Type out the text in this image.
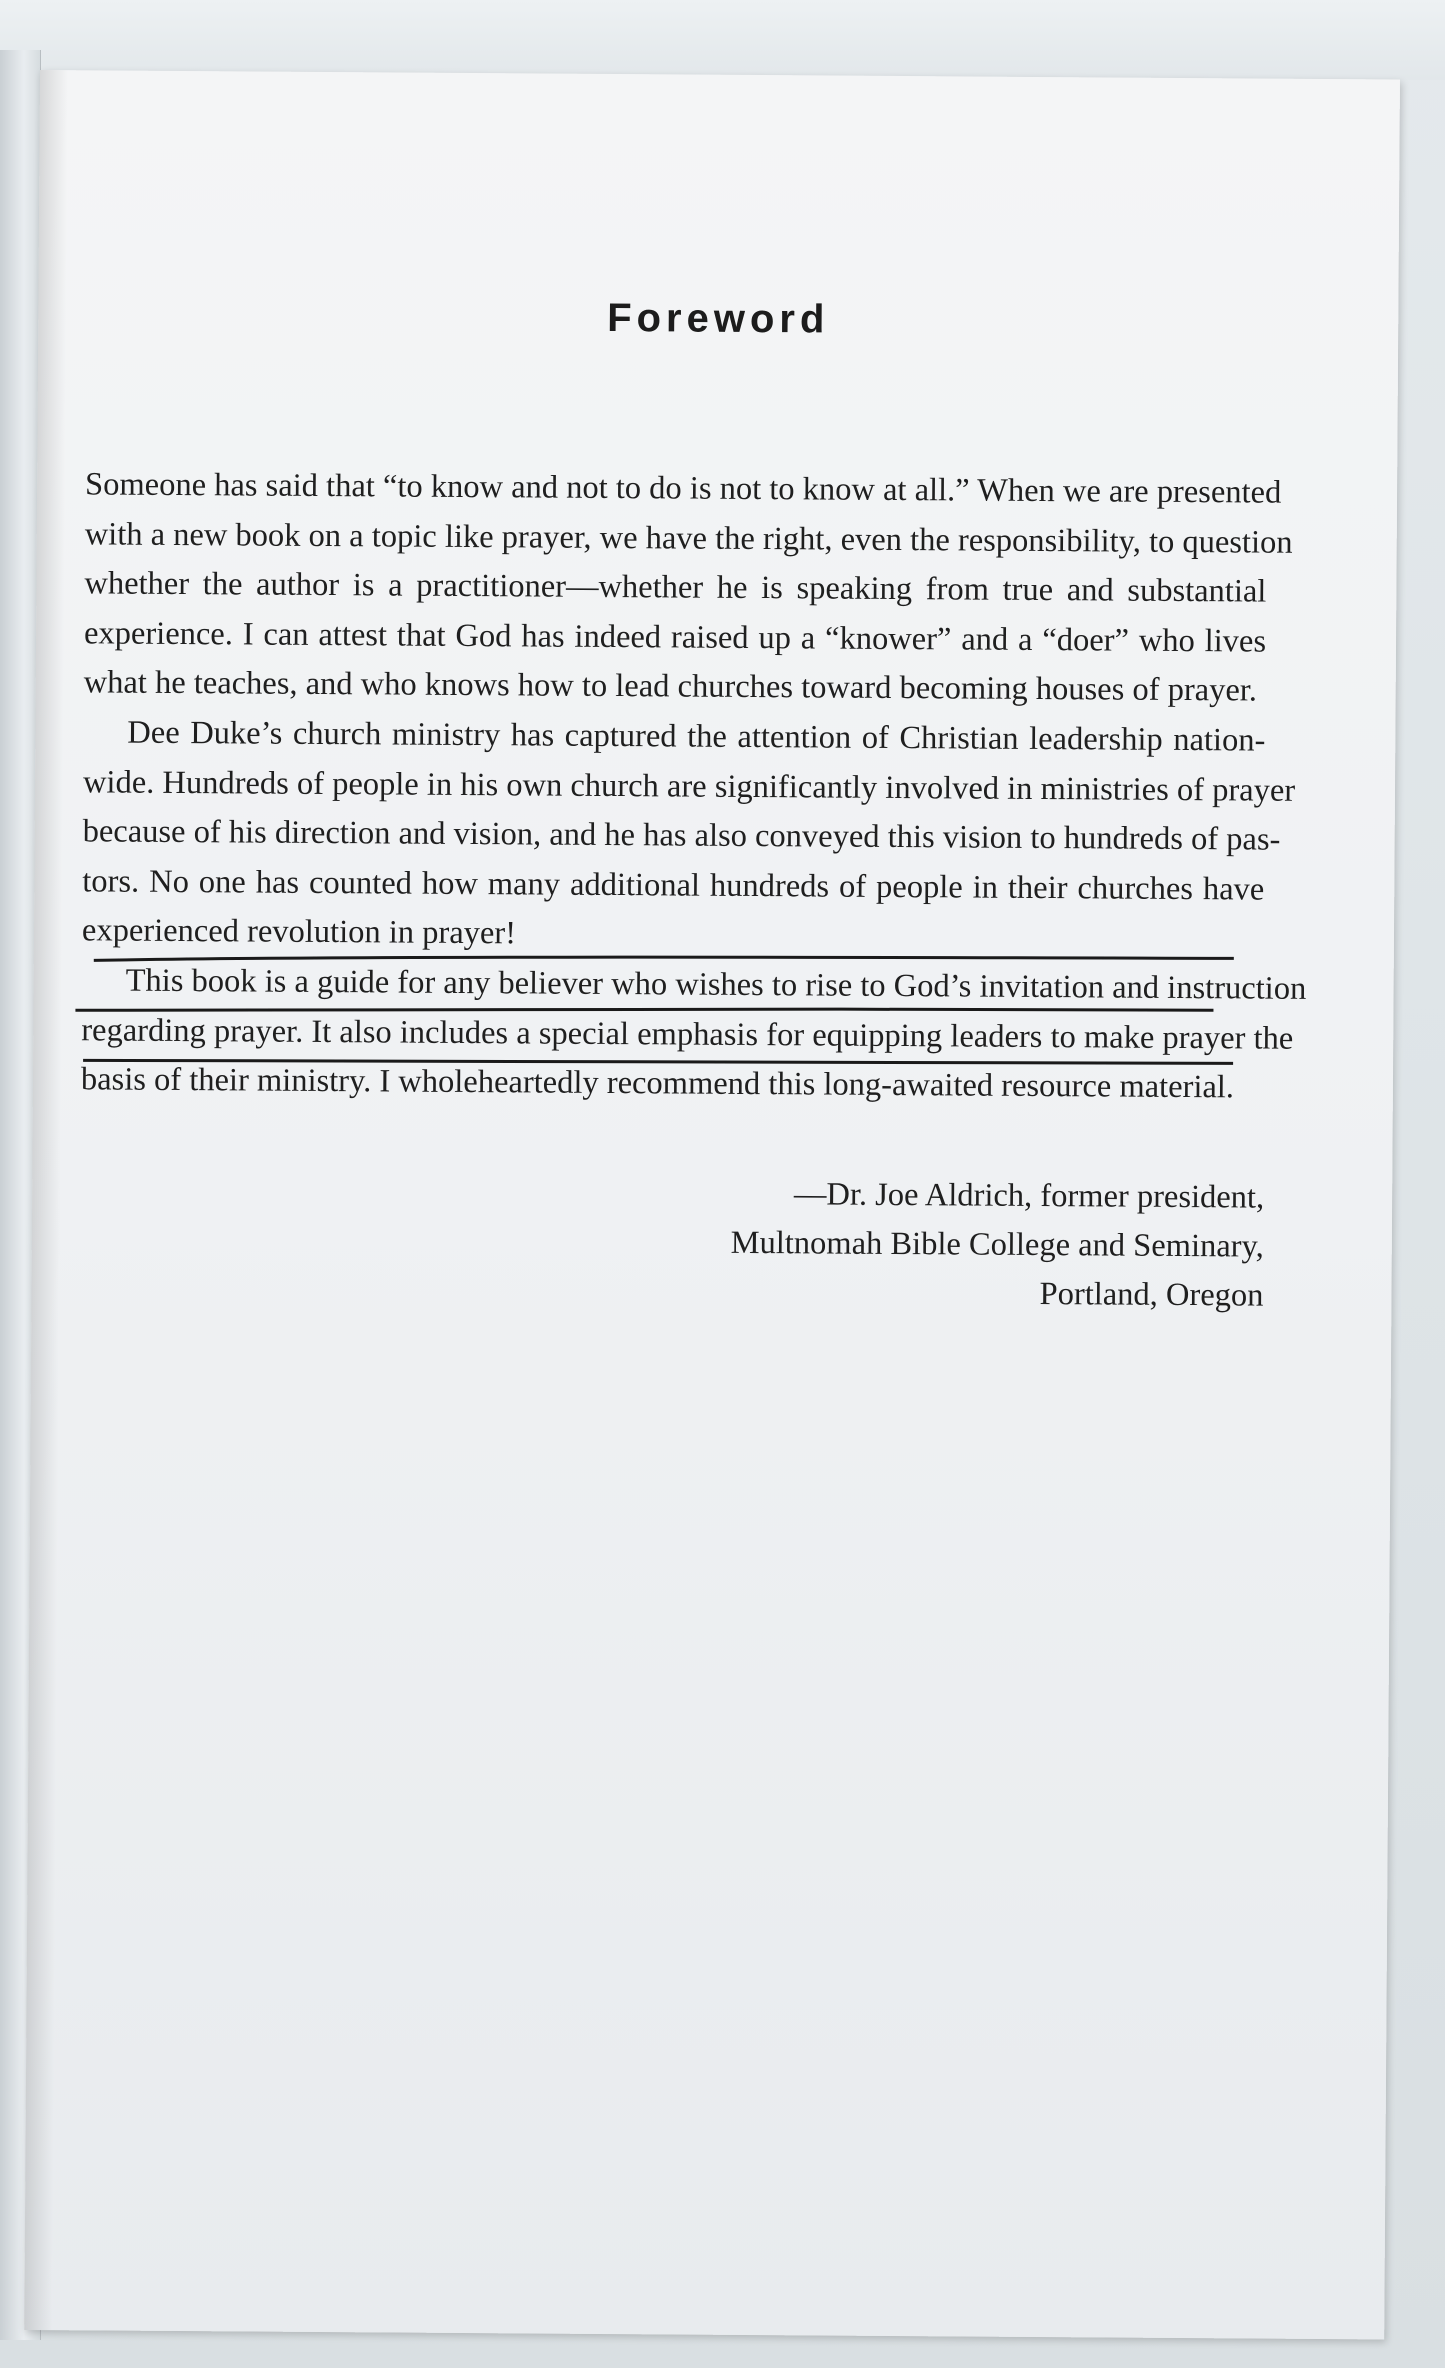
Foreword
Someone has said that “to know and not to do is not to know at all.” When we are presented
with a new book on a topic like prayer, we have the right, even the responsibility, to question
whether the author is a practitioner—whether he is speaking from true and substantial
experience. I can attest that God has indeed raised up a “knower” and a “doer” who lives
what he teaches, and who knows how to lead churches toward becoming houses of prayer.
Dee Duke’s church ministry has captured the attention of Christian leadership nation-
wide. Hundreds of people in his own church are significantly involved in ministries of prayer
because of his direction and vision, and he has also conveyed this vision to hundreds of pas-
tors. No one has counted how many additional hundreds of people in their churches have
experienced revolution in prayer!
This book is a guide for any believer who wishes to rise to God’s invitation and instruction
regarding prayer. It also includes a special emphasis for equipping leaders to make prayer the
basis of their ministry. I wholeheartedly recommend this long-awaited resource material.
—Dr. Joe Aldrich, former president,
Multnomah Bible College and Seminary,
Portland, Oregon
